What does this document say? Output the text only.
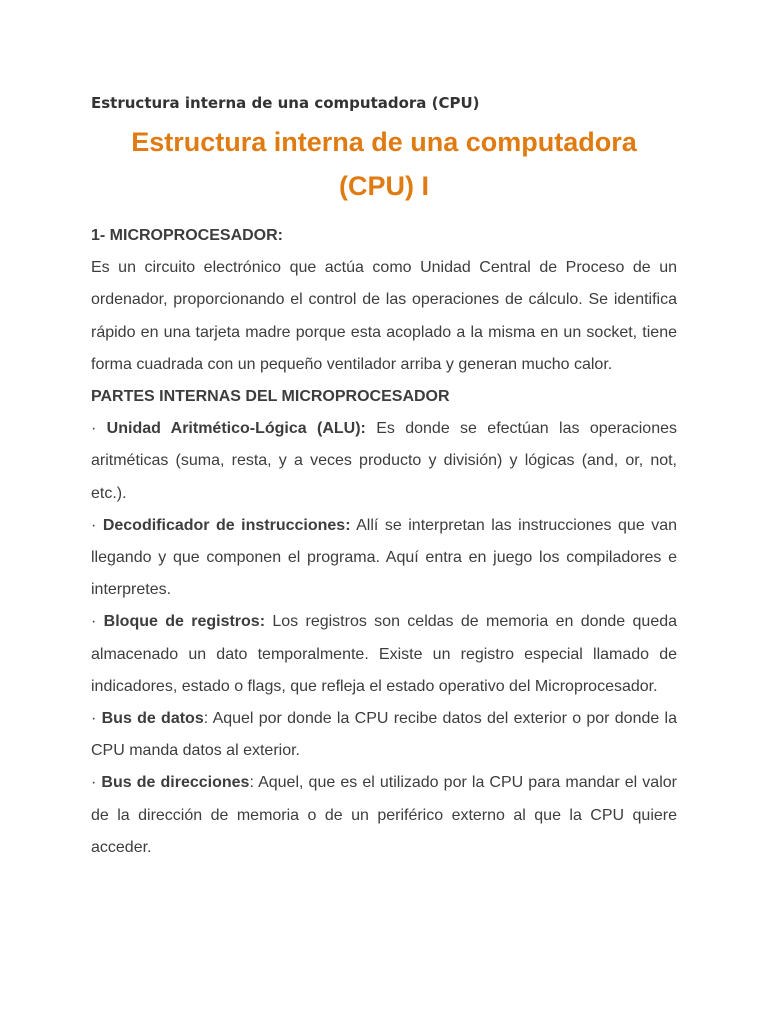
Estructura interna de una computadora (CPU)
Estructura interna de una computadora
(CPU) I

1- MICROPROCESADOR:

Es un circuito electrónico que actúa como Unidad Central de Proceso de un ordenador, proporcionando el control de las operaciones de cálculo. Se identifica rápido en una tarjeta madre porque esta acoplado a la misma en un socket, tiene forma cuadrada con un pequeño ventilador arriba y generan mucho calor.

PARTES INTERNAS DEL MICROPROCESADOR

· Unidad Aritmético-Lógica (ALU): Es donde se efectúan las operaciones aritméticas (suma, resta, y a veces producto y división) y lógicas (and, or, not, etc.).

· Decodificador de instrucciones: Allí se interpretan las instrucciones que van llegando y que componen el programa. Aquí entra en juego los compiladores e interpretes.

· Bloque de registros: Los registros son celdas de memoria en donde queda almacenado un dato temporalmente. Existe un registro especial llamado de indicadores, estado o flags, que refleja el estado operativo del Microprocesador.

· Bus de datos: Aquel por donde la CPU recibe datos del exterior o por donde la CPU manda datos al exterior.

· Bus de direcciones: Aquel, que es el utilizado por la CPU para mandar el valor de la dirección de memoria o de un periférico externo al que la CPU quiere acceder.
